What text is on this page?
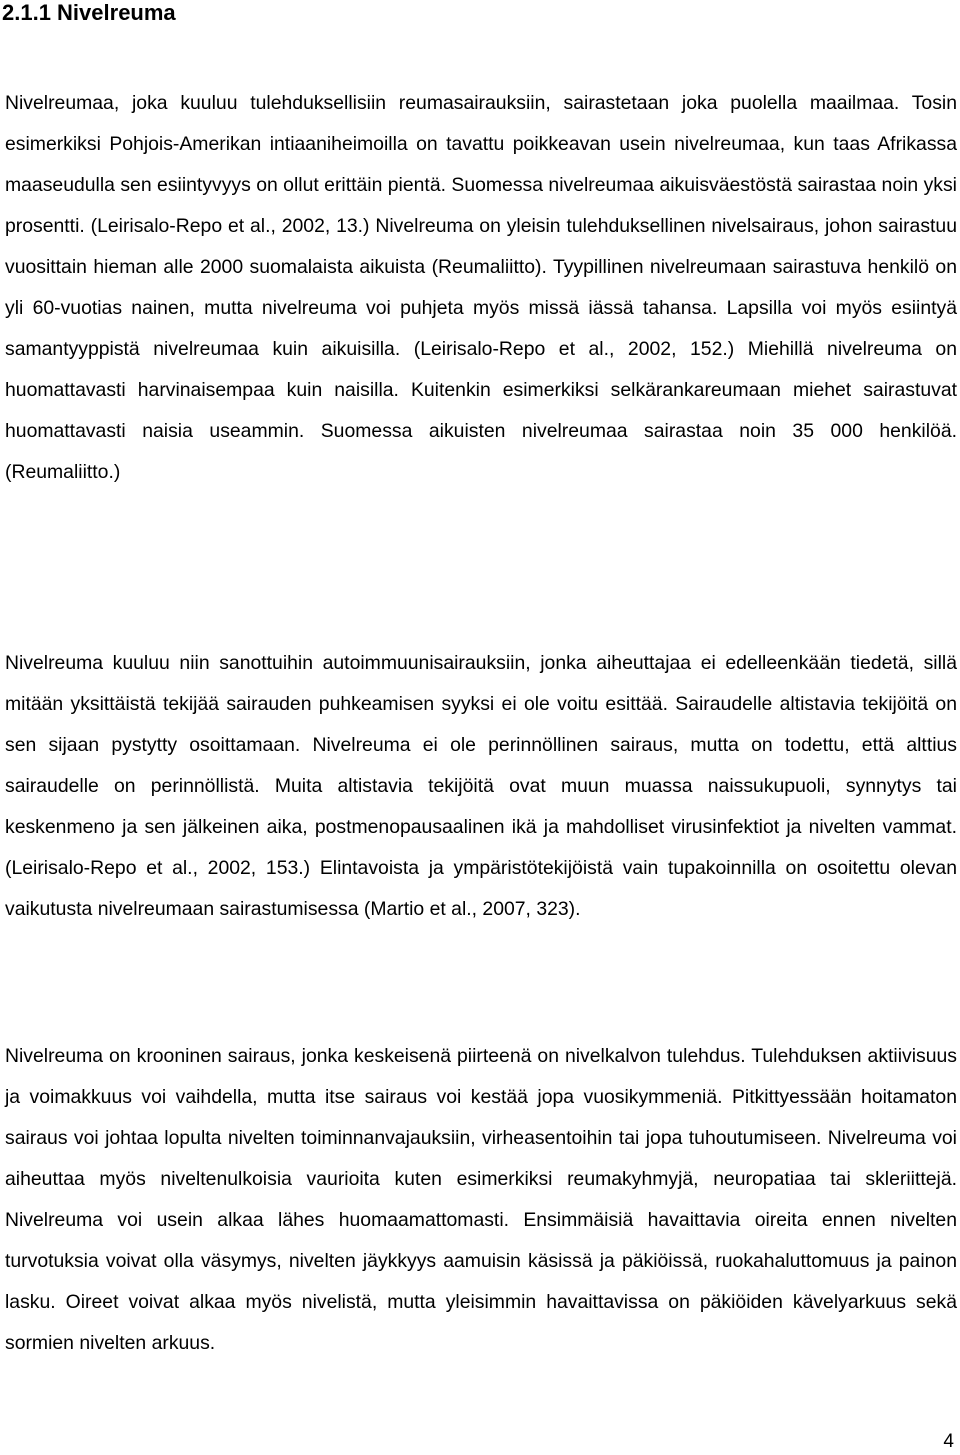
2.1.1 Nivelreuma

Nivelreumaa, joka kuuluu tulehduksellisiin reumasairauksiin, sairastetaan joka puolella maailmaa. Tosin esimerkiksi Pohjois-Amerikan intiaaniheimoilla on tavattu poikkeavan usein nivelreumaa, kun taas Afrikassa maaseudulla sen esiintyvyys on ollut erittäin pientä. Suomessa nivelreumaa aikuisväestöstä sairastaa noin yksi prosentti. (Leirisalo-Repo et al., 2002, 13.) Nivelreuma on yleisin tulehduksellinen nivelsairaus, johon sairastuu vuosittain hieman alle 2000 suomalaista aikuista (Reumaliitto). Tyypillinen nivelreumaan sairastuva henkilö on yli 60-vuotias nainen, mutta nivelreuma voi puhjeta myös missä iässä tahansa. Lapsilla voi myös esiintyä samantyyppistä nivelreumaa kuin aikuisilla. (Leirisalo-Repo et al., 2002, 152.) Miehillä nivelreuma on huomattavasti harvinaisempaa kuin naisilla. Kuitenkin esimerkiksi selkärankareumaan miehet sairastuvat huomattavasti naisia useammin. Suomessa aikuisten nivelreumaa sairastaa noin 35 000 henkilöä. (Reumaliitto.)

Nivelreuma kuuluu niin sanottuihin autoimmuunisairauksiin, jonka aiheuttajaa ei edelleenkään tiedetä, sillä mitään yksittäistä tekijää sairauden puhkeamisen syyksi ei ole voitu esittää. Sairaudelle altistavia tekijöitä on sen sijaan pystytty osoittamaan. Nivelreuma ei ole perinnöllinen sairaus, mutta on todettu, että alttius sairaudelle on perinnöllistä. Muita altistavia tekijöitä ovat muun muassa naissukupuoli, synnytys tai keskenmeno ja sen jälkeinen aika, postmenopausaalinen ikä ja mahdolliset virusinfektiot ja nivelten vammat. (Leirisalo-Repo et al., 2002, 153.) Elintavoista ja ympäristötekijöistä vain tupakoinnilla on osoitettu olevan vaikutusta nivelreumaan sairastumisessa (Martio et al., 2007, 323).

Nivelreuma on krooninen sairaus, jonka keskeisenä piirteenä on nivelkalvon tulehdus. Tulehduksen aktiivisuus ja voimakkuus voi vaihdella, mutta itse sairaus voi kestää jopa vuosikymmeniä. Pitkittyessään hoitamaton sairaus voi johtaa lopulta nivelten toiminnanvajauksiin, virheasentoihin tai jopa tuhoutumiseen. Nivelreuma voi aiheuttaa myös niveltenulkoisia vaurioita kuten esimerkiksi reumakyhmyjä, neuropatiaa tai skleriittejä. Nivelreuma voi usein alkaa lähes huomaamattomasti. Ensimmäisiä havaittavia oireita ennen nivelten turvotuksia voivat olla väsymys, nivelten jäykkyys aamuisin käsissä ja päkiöissä, ruokahaluttomuus ja painon lasku. Oireet voivat alkaa myös nivelistä, mutta yleisimmin havaittavissa on päkiöiden kävelyarkuus sekä sormien nivelten arkuus.

4
